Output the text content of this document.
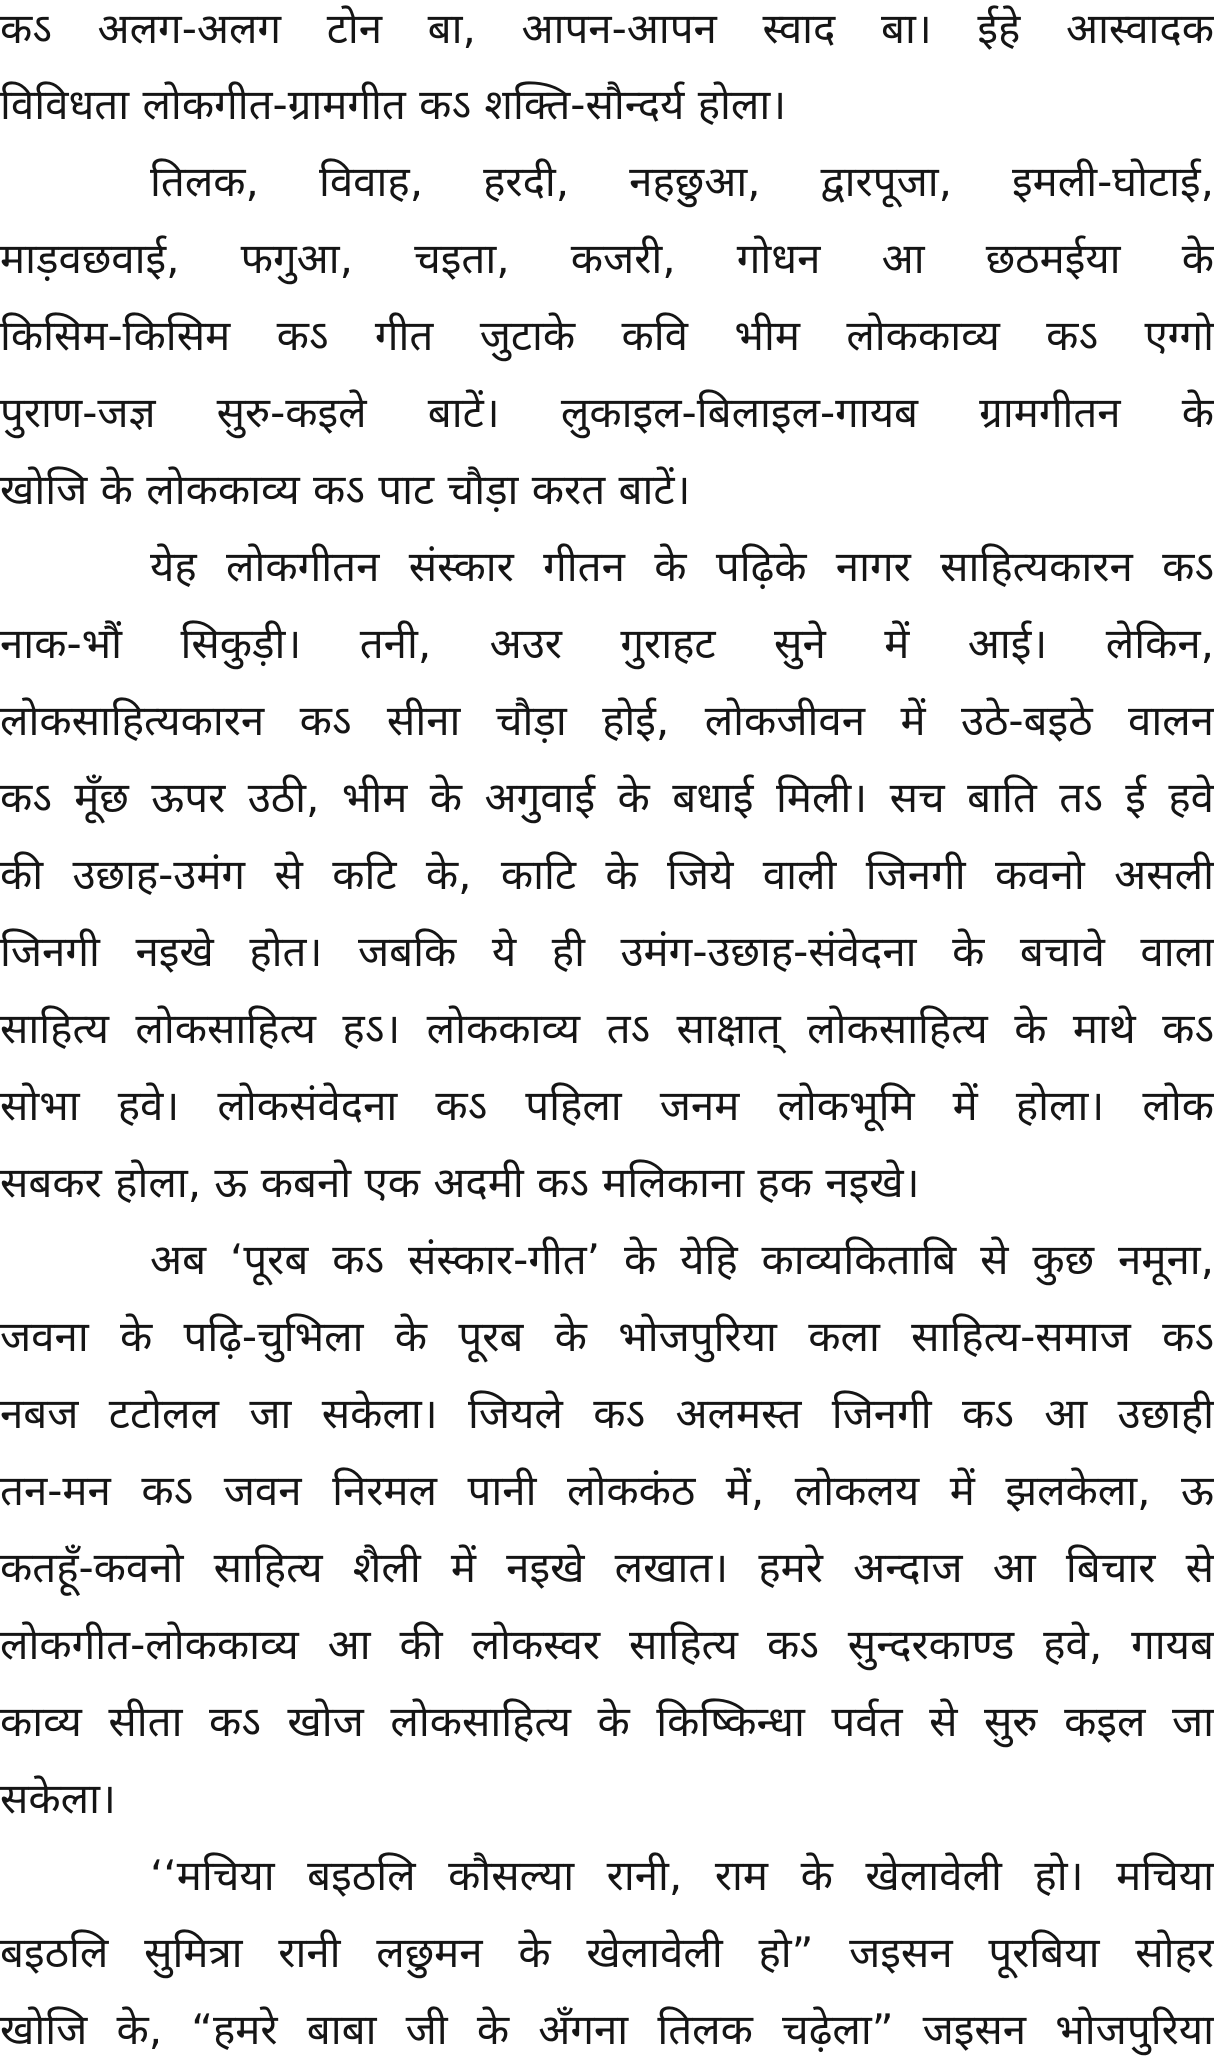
कऽ अलग-अलग टोन बा, आपन-आपन स्वाद बा। ईहे आस्वादक
विविधता लोकगीत-ग्रामगीत कऽ शक्ति-सौन्दर्य होला।
तिलक, विवाह, हरदी, नहछुआ, द्वारपूजा, इमली-घोटाई,
माड़वछवाई, फगुआ, चइता, कजरी, गोधन आ छठमईया के
किसिम-किसिम कऽ गीत जुटाके कवि भीम लोककाव्य कऽ एग्गो
पुराण-जज्ञ सुरु-कइले बाटें। लुकाइल-बिलाइल-गायब ग्रामगीतन के
खोजि के लोककाव्य कऽ पाट चौड़ा करत बाटें।
येह लोकगीतन संस्कार गीतन के पढ़िके नागर साहित्यकारन कऽ
नाक-भौं सिकुड़ी। तनी, अउर गुराहट सुने में आई। लेकिन,
लोकसाहित्यकारन कऽ सीना चौड़ा होई, लोकजीवन में उठे-बइठे वालन
कऽ मूँछ ऊपर उठी, भीम के अगुवाई के बधाई मिली। सच बाति तऽ ई हवे
की उछाह-उमंग से कटि के, काटि के जिये वाली जिनगी कवनो असली
जिनगी नइखे होत। जबकि ये ही उमंग-उछाह-संवेदना के बचावे वाला
साहित्य लोकसाहित्य हऽ। लोककाव्य तऽ साक्षात् लोकसाहित्य के माथे कऽ
सोभा हवे। लोकसंवेदना कऽ पहिला जनम लोकभूमि में होला। लोक
सबकर होला, ऊ कबनो एक अदमी कऽ मलिकाना हक नइखे।
अब ‘पूरब कऽ संस्कार-गीत’ के येहि काव्यकिताबि से कुछ नमूना,
जवना के पढ़ि-चुभिला के पूरब के भोजपुरिया कला साहित्य-समाज कऽ
नबज टटोलल जा सकेला। जियले कऽ अलमस्त जिनगी कऽ आ उछाही
तन-मन कऽ जवन निरमल पानी लोककंठ में, लोकलय में झलकेला, ऊ
कतहूँ-कवनो साहित्य शैली में नइखे लखात। हमरे अन्दाज आ बिचार से
लोकगीत-लोककाव्य आ की लोकस्वर साहित्य कऽ सुन्दरकाण्ड हवे, गायब
काव्य सीता कऽ खोज लोकसाहित्य के किष्किन्धा पर्वत से सुरु कइल जा
सकेला।
‘‘मचिया बइठलि कौसल्या रानी, राम के खेलावेली हो। मचिया
बइठलि सुमित्रा रानी लछुमन के खेलावेली हो” जइसन पूरबिया सोहर
खोजि के, “हमरे बाबा जी के अँगना तिलक चढ़ेला” जइसन भोजपुरिया
